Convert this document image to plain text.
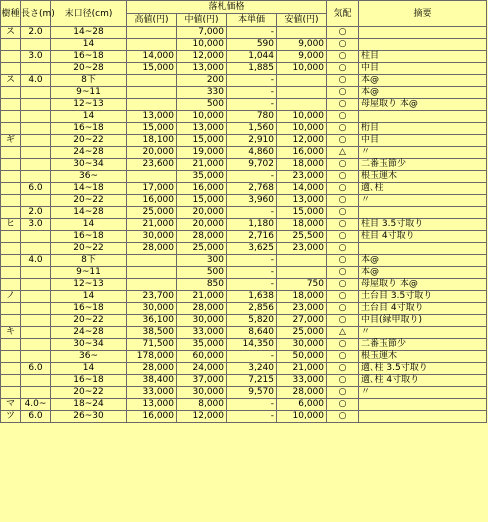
樹種	長さ(m)	末口径(cm)	落札価格				気配	摘要
			高値(円)	中値(円)	本単価	安値(円)		
ス	2.0	14~28		7,000	-		○	
		14		10,000	590	9,000	○	
	3.0	16~18	14,000	12,000	1,044	9,000	○	柱目
		20~28	15,000	13,000	1,885	10,000	○	中目
ス	4.0	8下		200	-		○	本@
		9~11		330	-		○	本@
		12~13		500	-		○	母屋取り 本@
		14	13,000	10,000	780	10,000	○	
		16~18	15,000	13,000	1,560	10,000	○	桁目
ギ		20~22	18,100	15,000	2,910	12,000	○	中目
		24~28	20,000	19,000	4,860	16,000	△	〃
		30~34	23,600	21,000	9,702	18,000	○	二番玉節少
		36~		35,000	-	23,000	○	根玉運木
	6.0	14~18	17,000	16,000	2,768	14,000	○	適､柱
		20~22	16,000	15,000	3,960	13,000	○	〃
	2.0	14~28	25,000	20,000	-	15,000	○	
ヒ	3.0	14	21,000	20,000	1,180	18,000	○	柱目 3.5寸取り
		16~18	30,000	28,000	2,716	25,500	○	柱目 4寸取り
		20~22	28,000	25,000	3,625	23,000	○	
	4.0	8下		300	-		○	本@
		9~11		500	-		○	本@
		12~13		850	-	750	○	母屋取り 本@
ノ		14	23,700	21,000	1,638	18,000	○	土台目 3.5寸取り
		16~18	30,000	28,000	2,856	23,000	○	土台目 4寸取り
		20~22	36,100	30,000	5,820	27,000	○	中目(縁甲取り)
キ		24~28	38,500	33,000	8,640	25,000	△	〃
		30~34	71,500	35,000	14,350	30,000	○	二番玉節少
		36~	178,000	60,000	-	50,000	○	根玉運木
	6.0	14	28,000	24,000	3,240	21,000	○	適､柱 3.5寸取り
		16~18	38,400	37,000	7,215	33,000	○	適､柱 4寸取り
		20~22	33,000	30,000	9,570	28,000	○	〃
マ	4.0~	18~24	13,000	8,000	-	6,000	○	
ツ	6.0	26~30	16,000	12,000	-	10,000	○	
